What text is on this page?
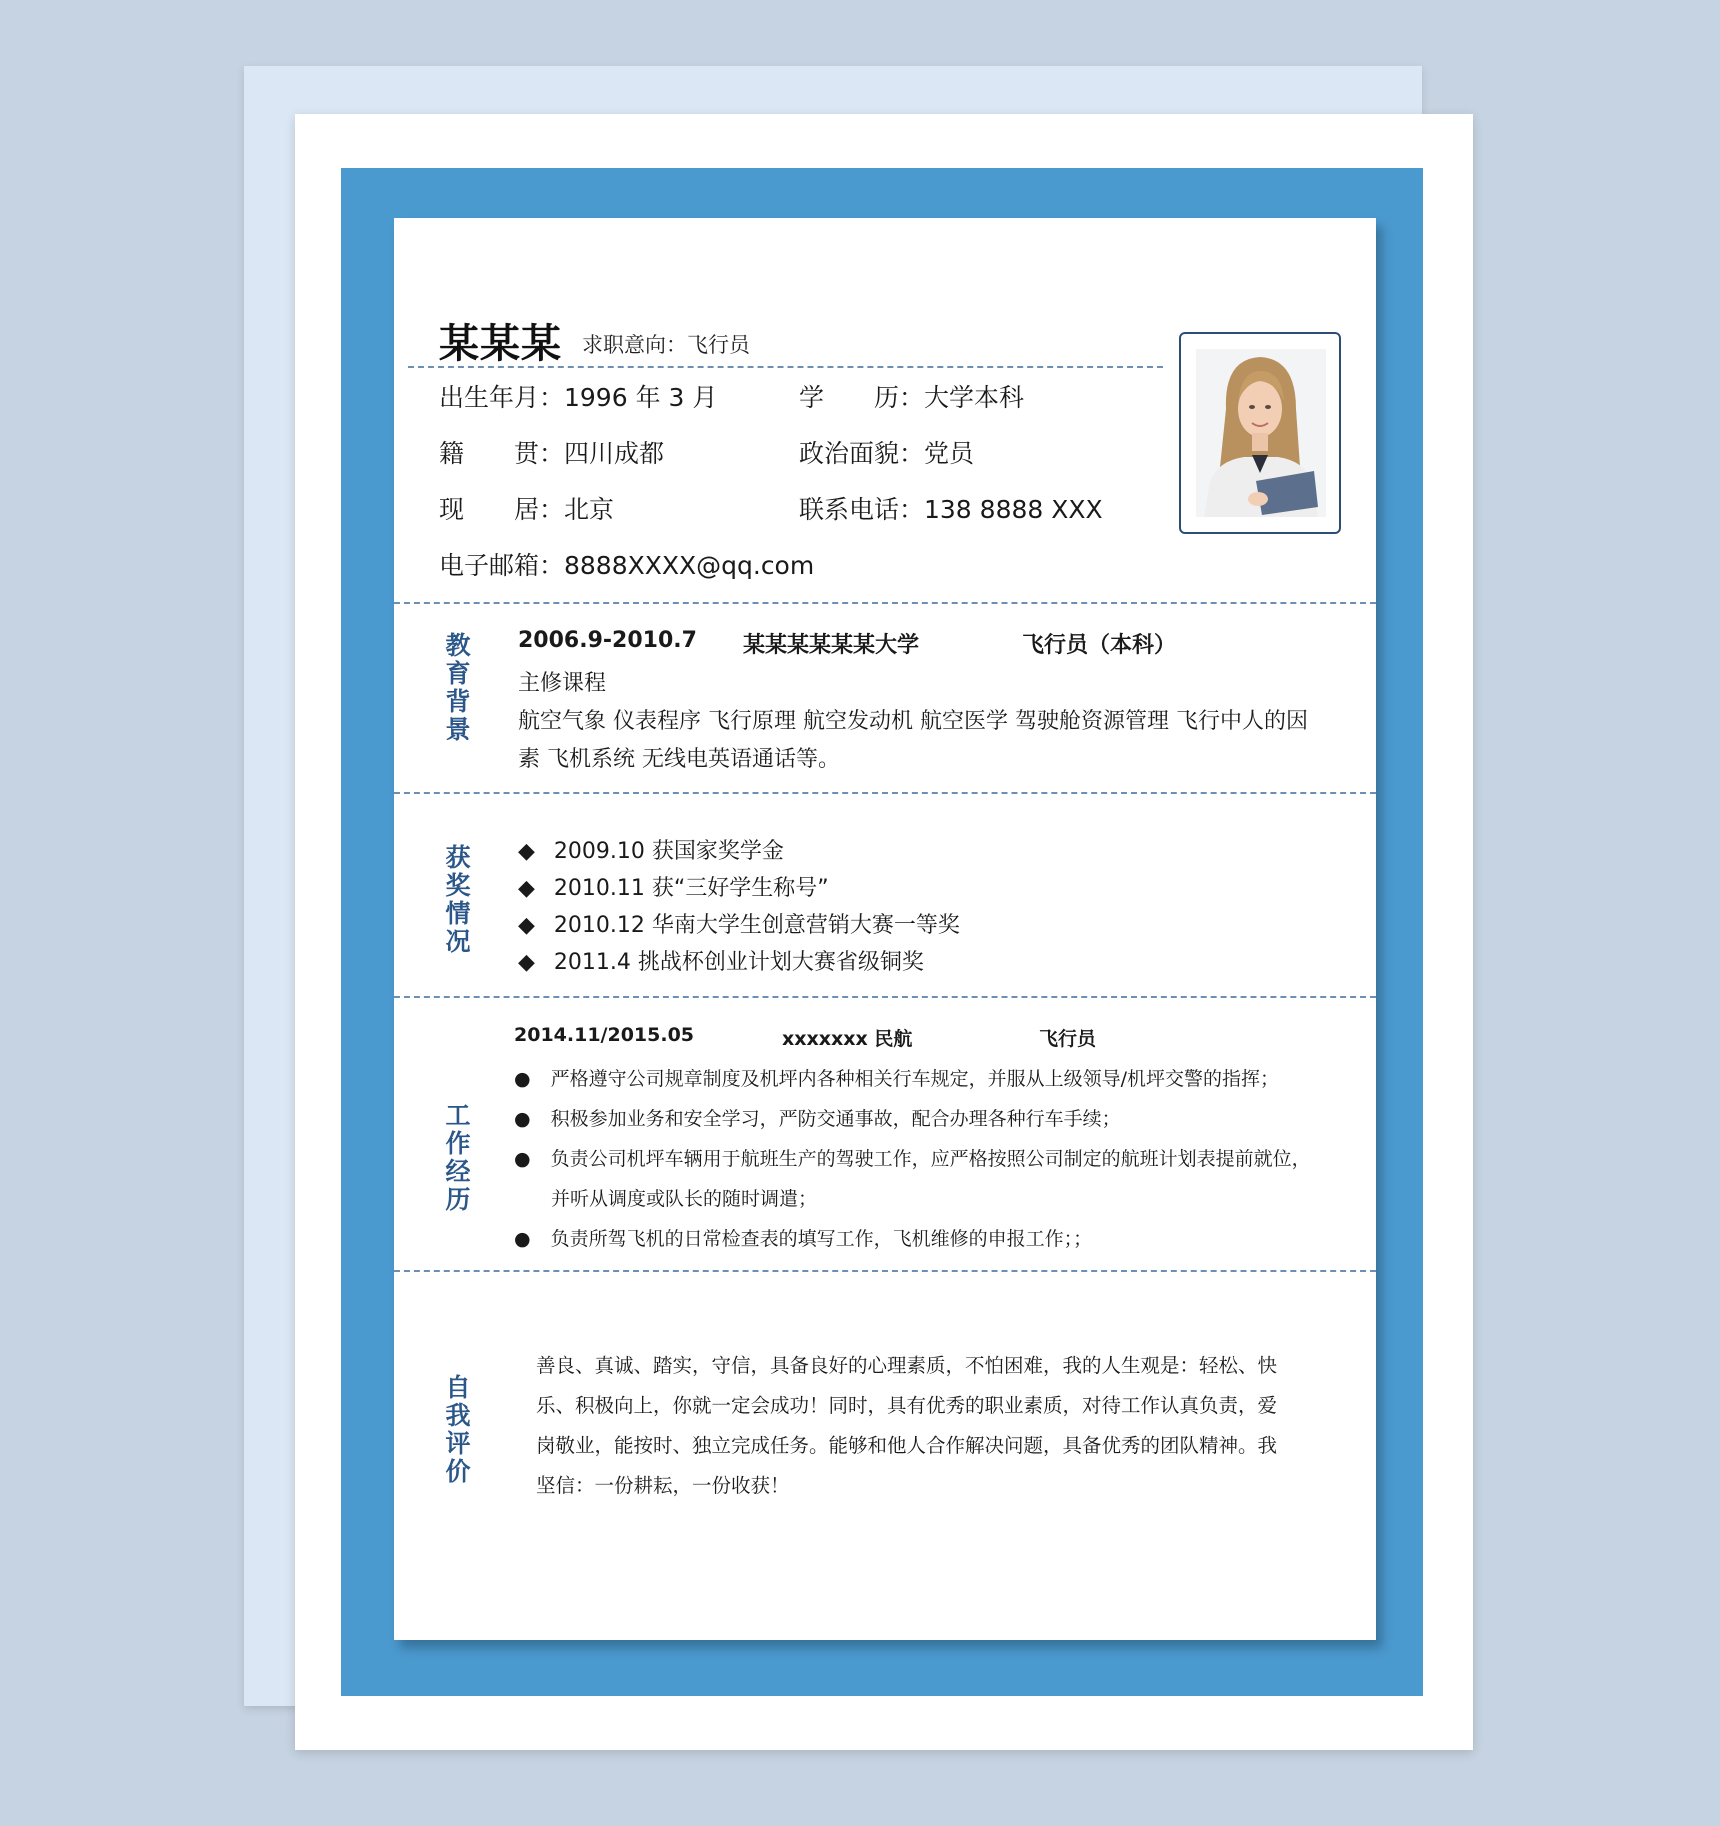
某某某 求职意向：飞行员
出生年月：1996 年 3 月	学　　历：大学本科
籍　　贯：四川成都	政治面貌：党员
现　　居：北京	联系电话：138 8888 XXX
电子邮箱：8888XXXX@qq.com
教育背景
2006.9-2010.7 某某某某某某大学	飞行员（本科）
主修课程
航空气象 仪表程序 飞行原理 航空发动机 航空医学 驾驶舱资源管理 飞行中人的因
素 飞机系统 无线电英语通话等。
获奖情况
◆ 2009.10 获国家奖学金
◆ 2010.11 获“三好学生称号”
◆ 2010.12 华南大学生创意营销大赛一等奖
◆ 2011.4 挑战杯创业计划大赛省级铜奖
工作经历
2014.11/2015.05	xxxxxxx 民航	飞行员
● 严格遵守公司规章制度及机坪内各种相关行车规定，并服从上级领导/机坪交警的指挥；
● 积极参加业务和安全学习，严防交通事故，配合办理各种行车手续；
● 负责公司机坪车辆用于航班生产的驾驶工作，应严格按照公司制定的航班计划表提前就位，
并听从调度或队长的随时调遣；
● 负责所驾飞机的日常检查表的填写工作，飞机维修的申报工作；；
自我评价
善良、真诚、踏实，守信，具备良好的心理素质，不怕困难，我的人生观是：轻松、快乐、积极向上，你就一定会成功！同时，具有优秀的职业素质，对待工作认真负责，爱岗敬业，能按时、独立完成任务。能够和他人合作解决问题，具备优秀的团队精神。我坚信：一份耕耘，一份收获！
